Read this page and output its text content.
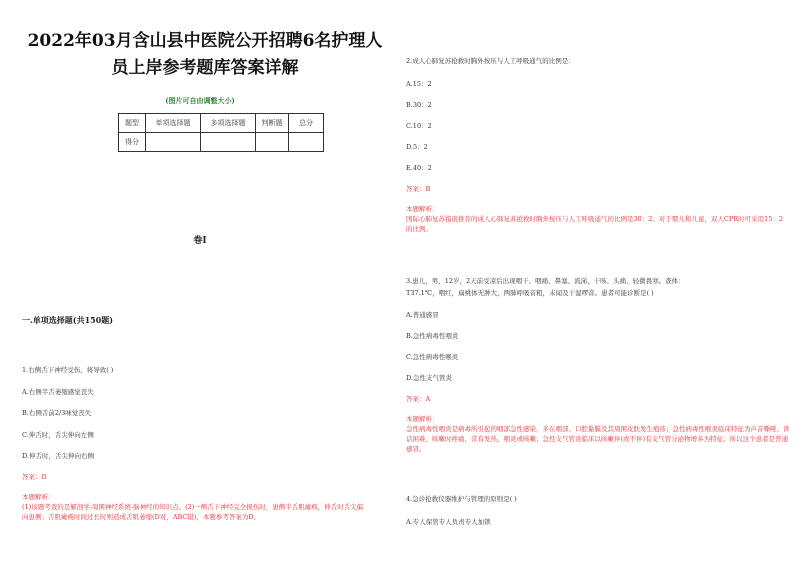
2022年03月含山县中医院公开招聘6名护理人
员上岸参考题库答案详解
(图片可自由调整大小)
题型	单项选择题	多项选择题	判断题	总分
得分				
卷I
一.单项选择题(共150题)
1.右侧舌下神经受伤，将导致( )
A.右侧半舌萎缩感觉丧失
B.右侧舌前2/3味觉丧失
C.伸舌时，舌尖伸向左侧
D.伸舌时，舌尖伸向右侧
答案：D
本题解析：
(1)该题考查的是解剖学-周围神经系统-脑神经的知识点。(2)一侧舌下神经完全损伤时，患侧半舌肌瘫痪，伸舌时舌尖偏向患侧；舌肌瘫痪时间过长时则造成舌肌萎缩(D对，ABC错)，本题参考答案为D。
2.成人心肺复苏抢救时胸外按压与人工呼吸通气的比例是：
A.15：2
B.30：2
C.10：2
D.5：2
E.40：2
答案：B
本题解析：
国际心肺复苏指南推荐的成人心肺复苏抢救时胸外按压与人工呼吸通气的比例是30：2。对于婴儿和儿童，双人CPR时可采用15：2的比例。
3.患儿，男，12岁，2天前受凉后出现咽干、咽痛、鼻塞、流涕、干咳、头痛、轻微畏寒。查体：
T37.1℃，咽红，扁桃体无肿大，两肺呼吸音粗，未闻及干湿啰音。患者可能诊断是( )
A.普通感冒
B.急性病毒性咽炎
C.急性病毒性喉炎
D.急性支气管炎
答案：A
本题解析：
急性病毒性咽炎是病毒所引起的咽部急性感染，多在咽部、口腔黏膜及其周围皮肤发生疱疹；急性病毒性喉炎临床特征为声音嘶哑、讲话困难、咳嗽时疼痛，常有发热、咽炎或咳嗽；急性支气管炎临床以咳嗽伴(或不伴)有支气管分泌物增多为特征。所以这个患者是普通感冒。
4.急诊抢救仪器维护与管理的原则是( )
A.专人保管专人负责专人加锁
